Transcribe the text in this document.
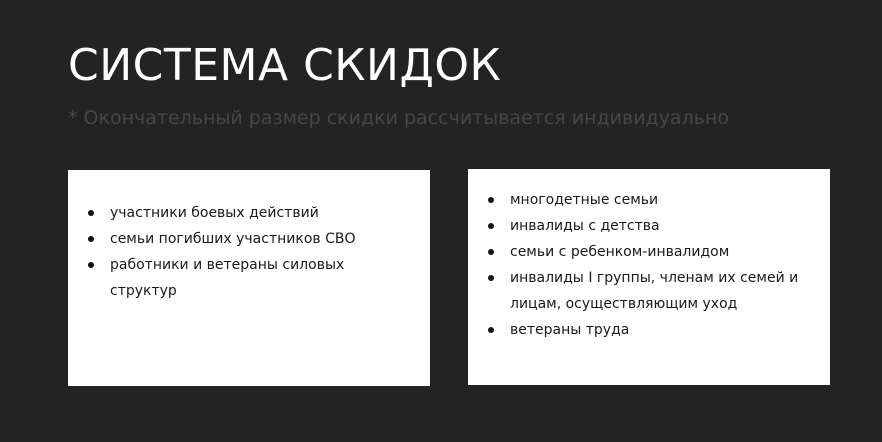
СИСТЕМА СКИДОК

* Окончательный размер скидки рассчитывается индивидуально

участники боевых действий
семьи погибших участников СВО
работники и ветераны силовых структур
многодетные семьи
инвалиды с детства
семьи с ребенком-инвалидом
инвалиды I группы, членам их семей и лицам, осуществляющим уход
ветераны труда
